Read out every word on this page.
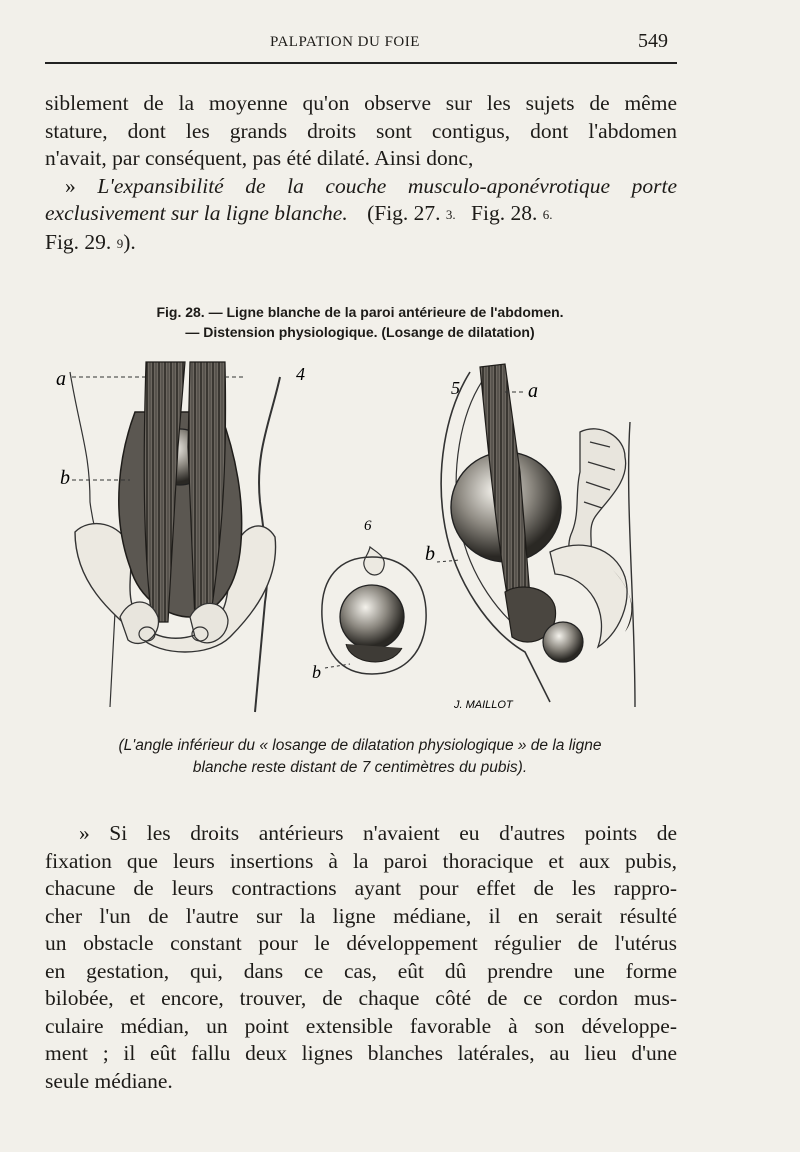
PALPATION DU FOIE	549
siblement de la moyenne qu'on observe sur les sujets de même
stature, dont les grands droits sont contigus, dont l'abdomen
n'avait, par conséquent, pas été dilaté. Ainsi donc,
» L'expansibilité de la couche musculo-aponévrotique porte
exclusivement sur la ligne blanche. (Fig. 27. 3. Fig. 28. 6.
Fig. 29. 9).
Fig. 28. — Ligne blanche de la paroi antérieure de l'abdomen.
— Distension physiologique. (Losange de dilatation)
a
b
4
6
b
5	a
b
J. MAILLOT
(L'angle inférieur du « losange de dilatation physiologique » de la ligne
blanche reste distant de 7 centimètres du pubis).
» Si les droits antérieurs n'avaient eu d'autres points de
fixation que leurs insertions à la paroi thoracique et aux pubis,
chacune de leurs contractions ayant pour effet de les rappro-
cher l'un de l'autre sur la ligne médiane, il en serait résulté
un obstacle constant pour le développement régulier de l'utérus
en gestation, qui, dans ce cas, eût dû prendre une forme
bilobée, et encore, trouver, de chaque côté de ce cordon mus-
culaire médian, un point extensible favorable à son développe-
ment ; il eût fallu deux lignes blanches latérales, au lieu d'une
seule médiane.
